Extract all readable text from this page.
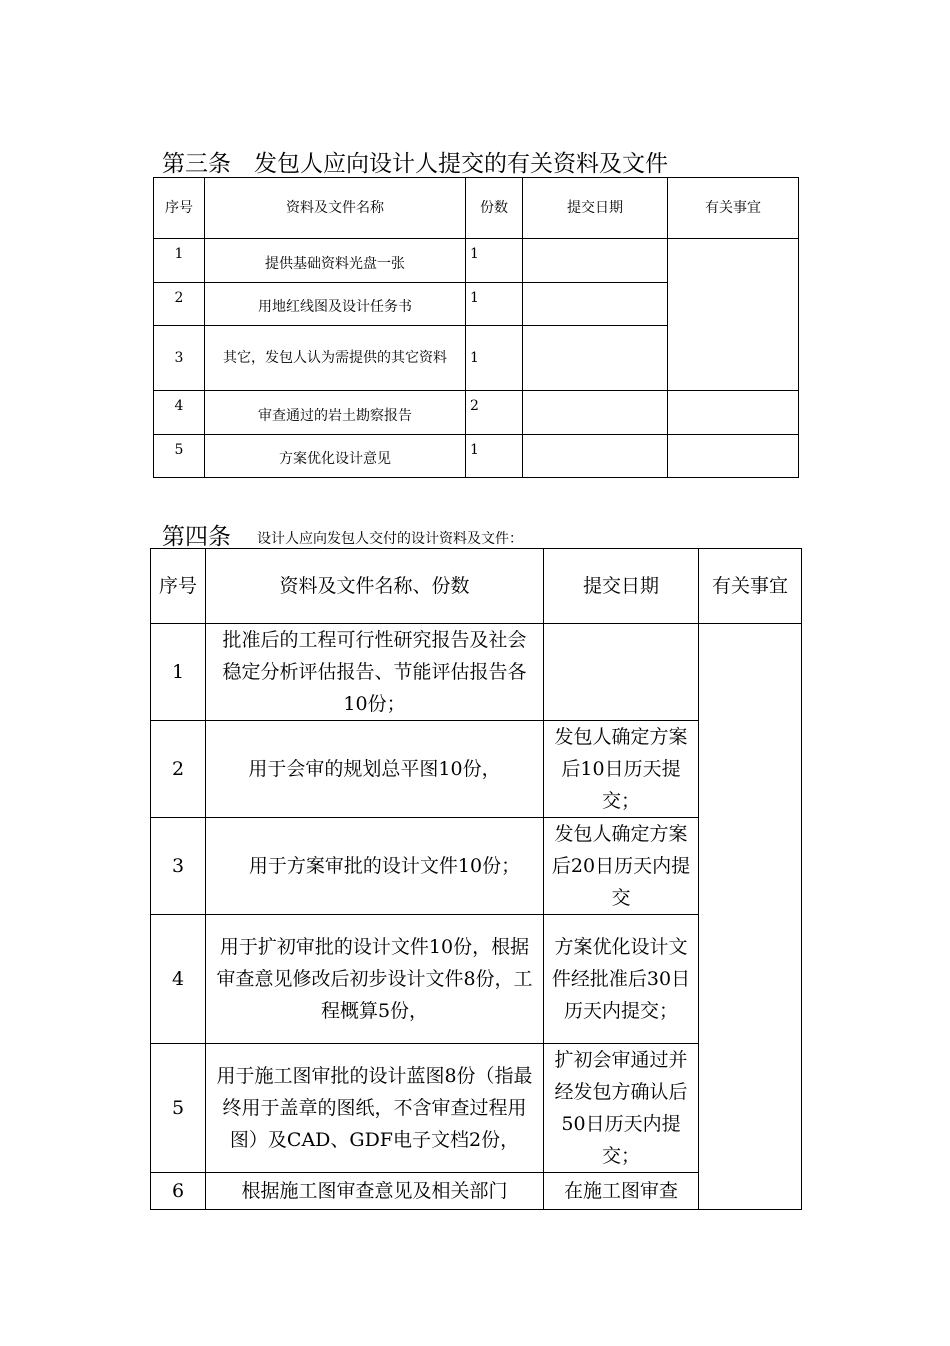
第三条　发包人应向设计人提交的有关资料及文件
序号	资料及文件名称	份数	提交日期	有关事宜
1	提供基础资料光盘一张	1		
2	用地红线图及设计任务书	1		
3	其它，发包人认为需提供的其它资料	1		
4	审查通过的岩土勘察报告	2		
5	方案优化设计意见	1		
第四条 设计人应向发包人交付的设计资料及文件：
序号	资料及文件名称、份数	提交日期	有关事宜
1	批准后的工程可行性研究报告及社会稳定分析评估报告、节能评估报告各10份；		
2	用于会审的规划总平图10份，	发包人确定方案后10日历天提交；	
3	用于方案审批的设计文件10份；	发包人确定方案后20日历天内提交	
4	用于扩初审批的设计文件10份，根据审查意见修改后初步设计文件8份，工程概算5份，	方案优化设计文件经批准后30日历天内提交；	
5	用于施工图审批的设计蓝图8份（指最终用于盖章的图纸，不含审查过程用图）及CAD、GDF电子文档2份，	扩初会审通过并经发包方确认后50日历天内提交；	
6	根据施工图审查意见及相关部门	在施工图审查	
